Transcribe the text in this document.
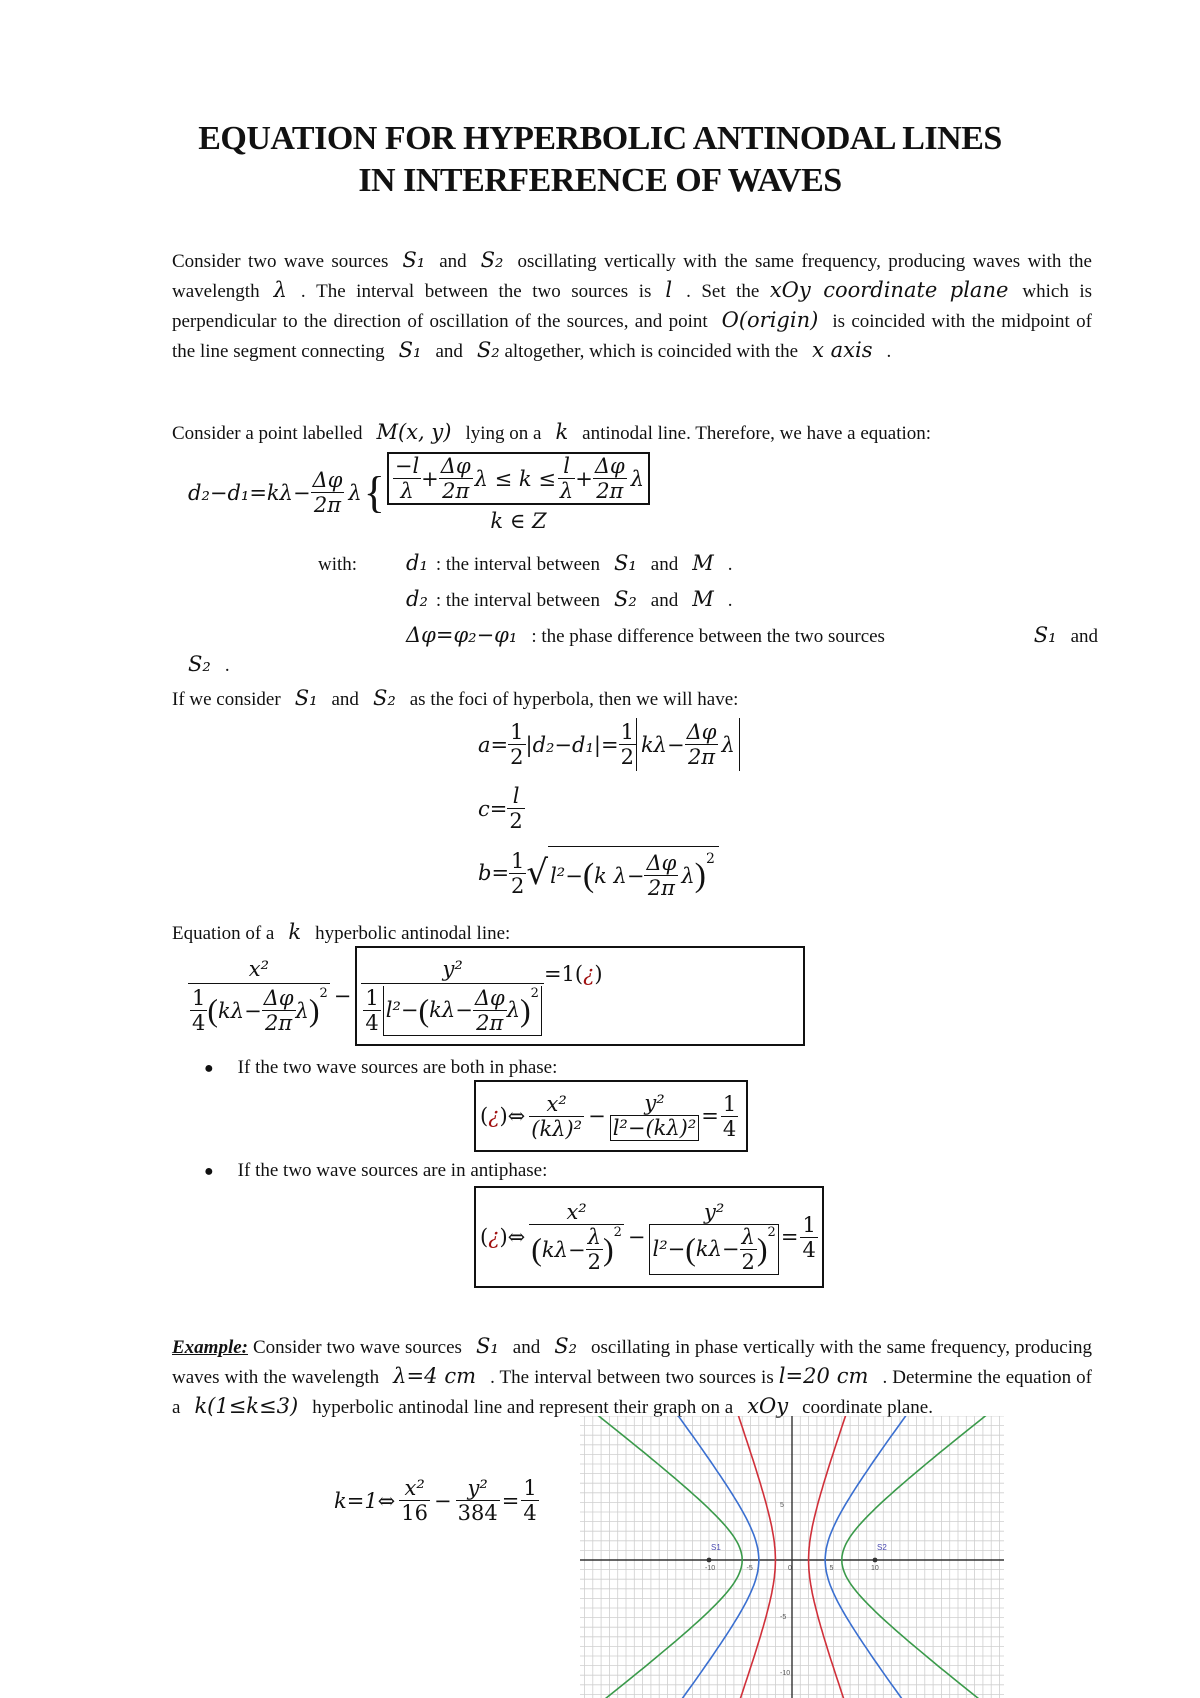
EQUATION FOR HYPERBOLIC ANTINODAL LINES
IN INTERFERENCE OF WAVES
Consider two wave sources S₁ and S₂ oscillating vertically with the same frequency, producing waves with the wavelength λ . The interval between the two sources is l . Set the xOy coordinate plane which is perpendicular to the direction of oscillation of the sources, and point O(origin) is coincided with the midpoint of the line segment connecting S₁ and S₂ altogether, which is coincided with the x axis .
Consider a point labelled M(x, y) lying on a k antinodal line. Therefore, we have a equation:
$d_2-d_1=k\lambda- \frac{\Delta\varphi}{2\pi}$ λ { $\frac{-l}{\lambda} + \frac{\Delta\varphi}{2\pi}$ $\lambda \le k \le \frac{l}{\lambda} + \frac{\Delta\varphi}{2\pi}$ λ
k ∈ Z
with:	d₁ : the interval between S₁ and M .
d₂ : the interval between S₂ and M .
Δφ=φ₂−φ₁ : the phase difference between the two sources	S₁ and
S₂ .
If we consider S₁ and S₂ as the foci of hyperbola, then we will have:
$a= \frac{1}{2} |d_2-d_1|= \frac{1}{2} k\lambda- \frac{\Delta\varphi}{2\pi}$ λ
$c= \frac{l}{2}$
$b= \frac{1}{2}$ √ l²− ( k $\lambda- \frac{\Delta\varphi}{2\pi}$ λ ) 2
Equation of a k hyperbolic antinodal line:
x²
$\frac{1}{4}$ ( $k\lambda- \frac{\Delta\varphi}{2\pi}$ λ )$^2$ −
y²
$\frac{1}{4} l^2-$ ( $k\lambda- \frac{\Delta\varphi}{2\pi}$ λ )$^2$
=1(¿)
● If the two wave sources are both in phase:
( ¿ )⇔ $\frac{\text{x²}}{\text{(kλ)²}} - \frac{\text{y²}}{\text{l²−(kλ)²}} = \frac{1}{4}$
● If the two wave sources are in antiphase:
( ¿ )⇔ $\frac{\text{x²}}{( k\lambda- \frac{\lambda}{2} )^2} - \frac{\text{y²}}{l^2- ( k\lambda- \frac{\lambda}{2} )^2} = \frac{1}{4}$
Example: Consider two wave sources S₁ and S₂ oscillating in phase vertically with the same frequency, producing waves with the wavelength λ=4 cm . The interval between two sources is l=20 cm . Determine the equation of a k(1≤k≤3) hyperbolic antinodal line and represent their graph on a xOy coordinate plane.
k=1⇔ $\frac{\text{x²}}{16} - \frac{\text{y²}}{384} = \frac{1}{4}$
S1	S2
-10	-5	0	5	10
5
-5
-10
